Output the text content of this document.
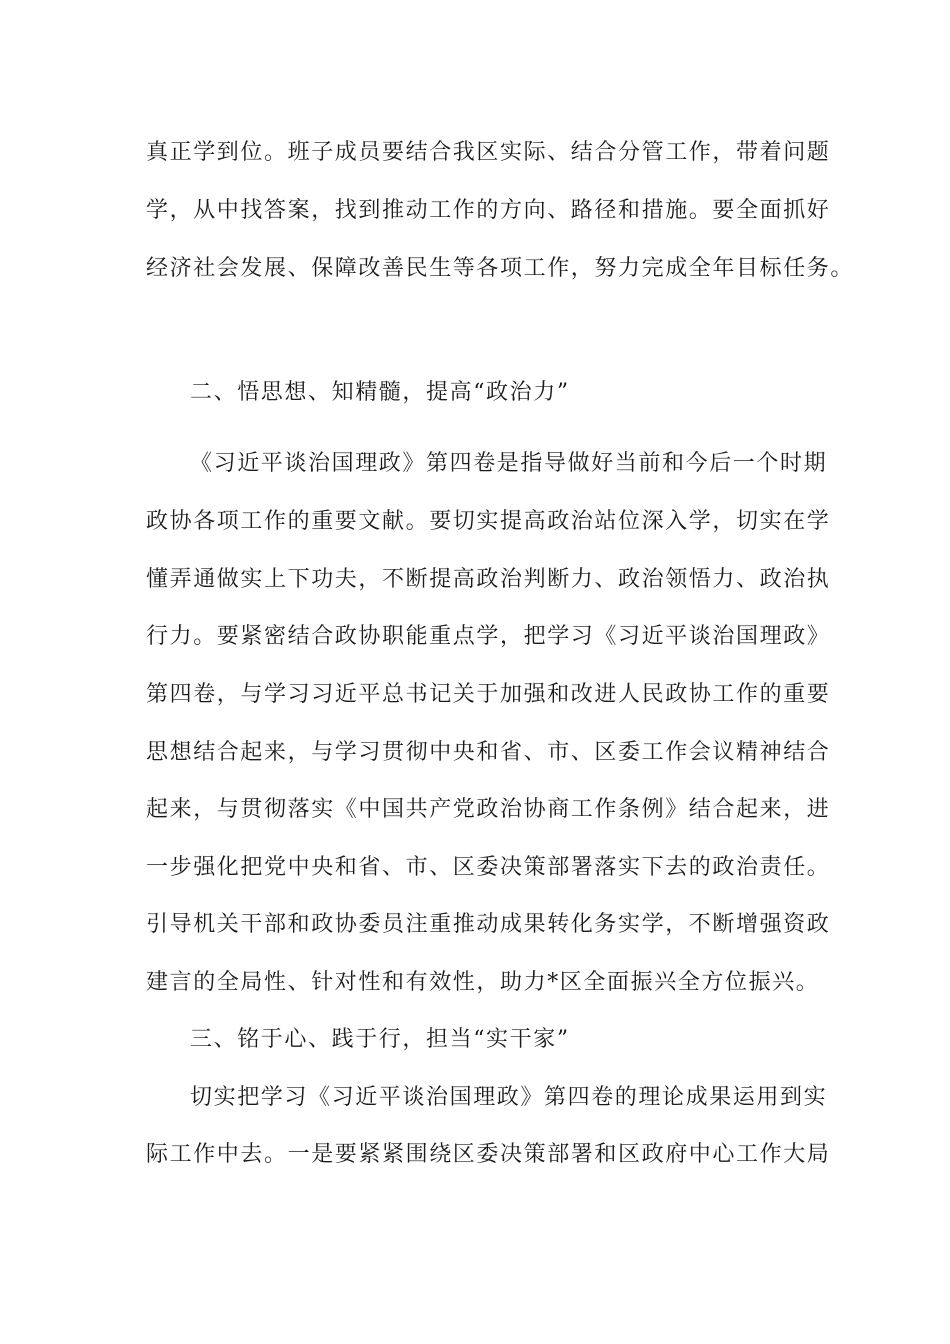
真正学到位。班子成员要结合我区实际、结合分管工作，带着问题
学，从中找答案，找到推动工作的方向、路径和措施。要全面抓好
经济社会发展、保障改善民生等各项工作，努力完成全年目标任务。
二、悟思想、知精髓，提高“政治力”
《习近平谈治国理政》第四卷是指导做好当前和今后一个时期
政协各项工作的重要文献。要切实提高政治站位深入学，切实在学
懂弄通做实上下功夫，不断提高政治判断力、政治领悟力、政治执
行力。要紧密结合政协职能重点学，把学习《习近平谈治国理政》
第四卷，与学习习近平总书记关于加强和改进人民政协工作的重要
思想结合起来，与学习贯彻中央和省、市、区委工作会议精神结合
起来，与贯彻落实《中国共产党政治协商工作条例》结合起来，进
一步强化把党中央和省、市、区委决策部署落实下去的政治责任。
引导机关干部和政协委员注重推动成果转化务实学，不断增强资政
建言的全局性、针对性和有效性，助力*区全面振兴全方位振兴。
三、铭于心、践于行，担当“实干家”
切实把学习《习近平谈治国理政》第四卷的理论成果运用到实
际工作中去。一是要紧紧围绕区委决策部署和区政府中心工作大局
